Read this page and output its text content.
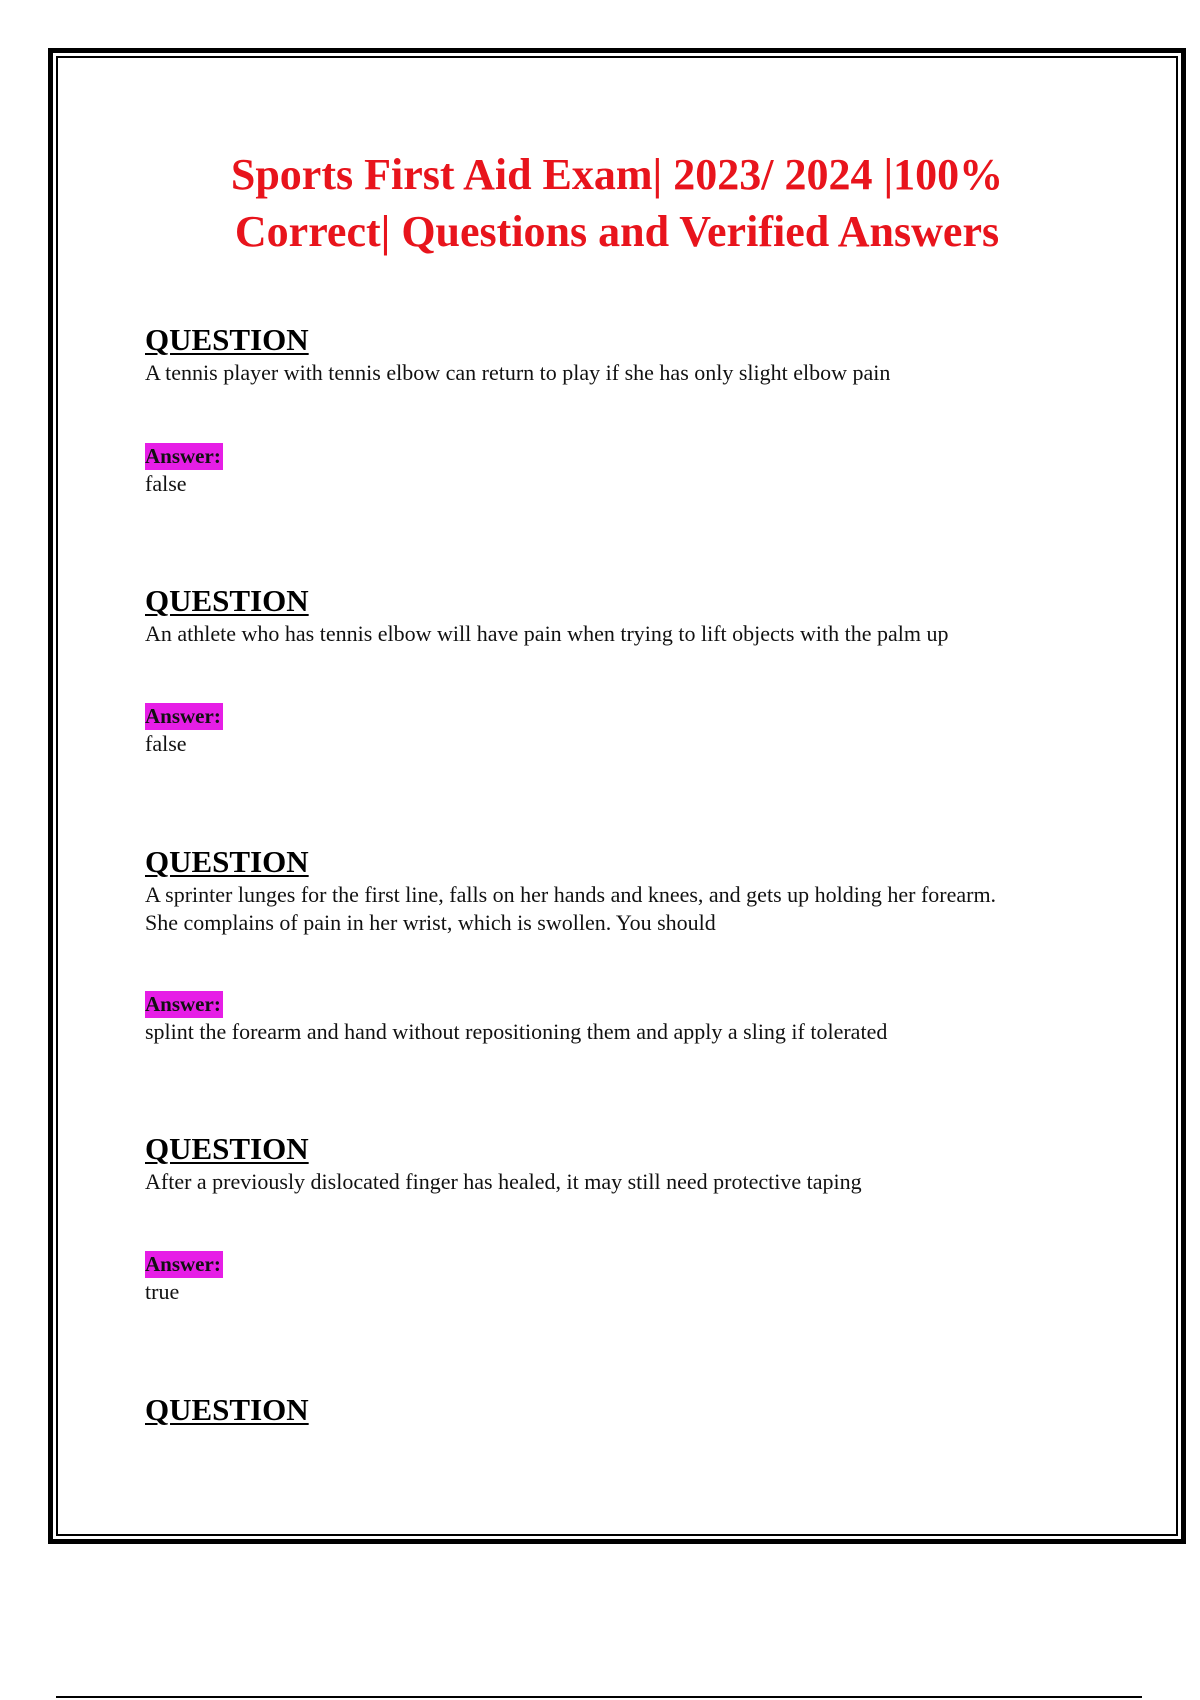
Sports First Aid Exam| 2023/ 2024 |100%
Correct| Questions and Verified Answers
QUESTION
A tennis player with tennis elbow can return to play if she has only slight elbow pain
Answer:
false
QUESTION
An athlete who has tennis elbow will have pain when trying to lift objects with the palm up
Answer:
false
QUESTION
A sprinter lunges for the first line, falls on her hands and knees, and gets up holding her forearm.
She complains of pain in her wrist, which is swollen. You should
Answer:
splint the forearm and hand without repositioning them and apply a sling if tolerated
QUESTION
After a previously dislocated finger has healed, it may still need protective taping
Answer:
true
QUESTION
